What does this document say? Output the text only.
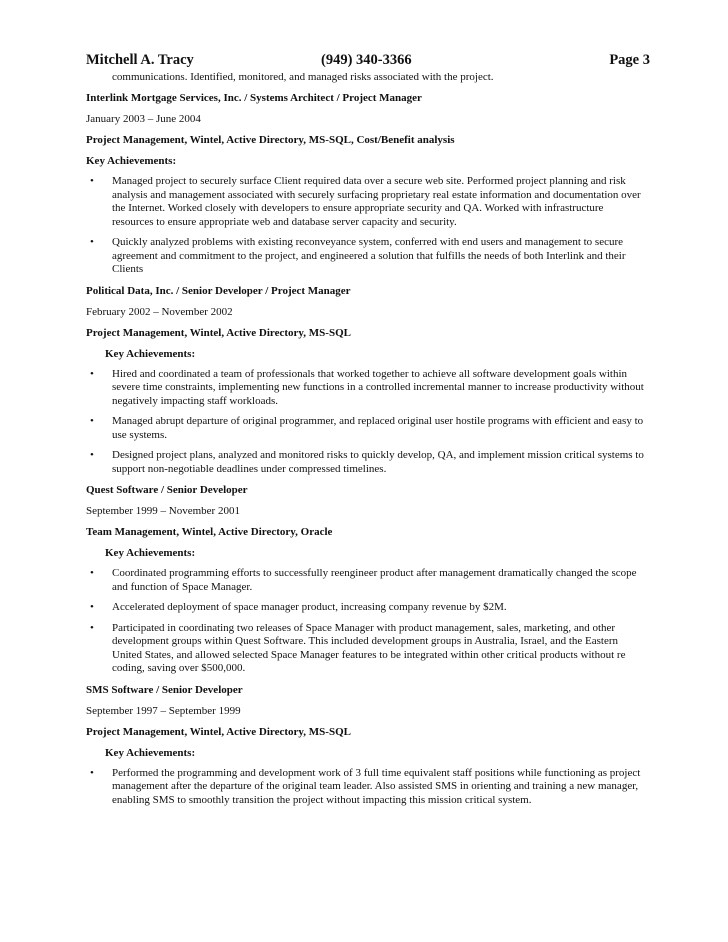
Mitchell A. Tracy	(949) 340-3366	Page 3
communications. Identified, monitored, and managed risks associated with the project.
Interlink Mortgage Services, Inc. / Systems Architect / Project Manager
January 2003 – June 2004
Project Management, Wintel, Active Directory, MS-SQL, Cost/Benefit analysis
Key Achievements:
• Managed project to securely surface Client required data over a secure web site. Performed project planning and risk analysis and management associated with securely surfacing proprietary real estate information and documentation over the Internet. Worked closely with developers to ensure appropriate security and QA. Worked with infrastructure resources to ensure appropriate web and database server capacity and security.
• Quickly analyzed problems with existing reconveyance system, conferred with end users and management to secure agreement and commitment to the project, and engineered a solution that fulfills the needs of both Interlink and their Clients
Political Data, Inc. / Senior Developer / Project Manager
February 2002 – November 2002
Project Management, Wintel, Active Directory, MS-SQL
Key Achievements:
• Hired and coordinated a team of professionals that worked together to achieve all software development goals within severe time constraints, implementing new functions in a controlled incremental manner to increase productivity without negatively impacting staff workloads.
• Managed abrupt departure of original programmer, and replaced original user hostile programs with efficient and easy to use systems.
• Designed project plans, analyzed and monitored risks to quickly develop, QA, and implement mission critical systems to support non-negotiable deadlines under compressed timelines.
Quest Software / Senior Developer
September 1999 – November 2001
Team Management, Wintel, Active Directory, Oracle
Key Achievements:
• Coordinated programming efforts to successfully reengineer product after management dramatically changed the scope and function of Space Manager.
• Accelerated deployment of space manager product, increasing company revenue by $2M.
• Participated in coordinating two releases of Space Manager with product management, sales, marketing, and other development groups within Quest Software. This included development groups in Australia, Israel, and the Eastern United States, and allowed selected Space Manager features to be integrated within other critical products without re coding, saving over $500,000.
SMS Software / Senior Developer
September 1997 – September 1999
Project Management, Wintel, Active Directory, MS-SQL
Key Achievements:
• Performed the programming and development work of 3 full time equivalent staff positions while functioning as project management after the departure of the original team leader. Also assisted SMS in orienting and training a new manager, enabling SMS to smoothly transition the project without impacting this mission critical system.
